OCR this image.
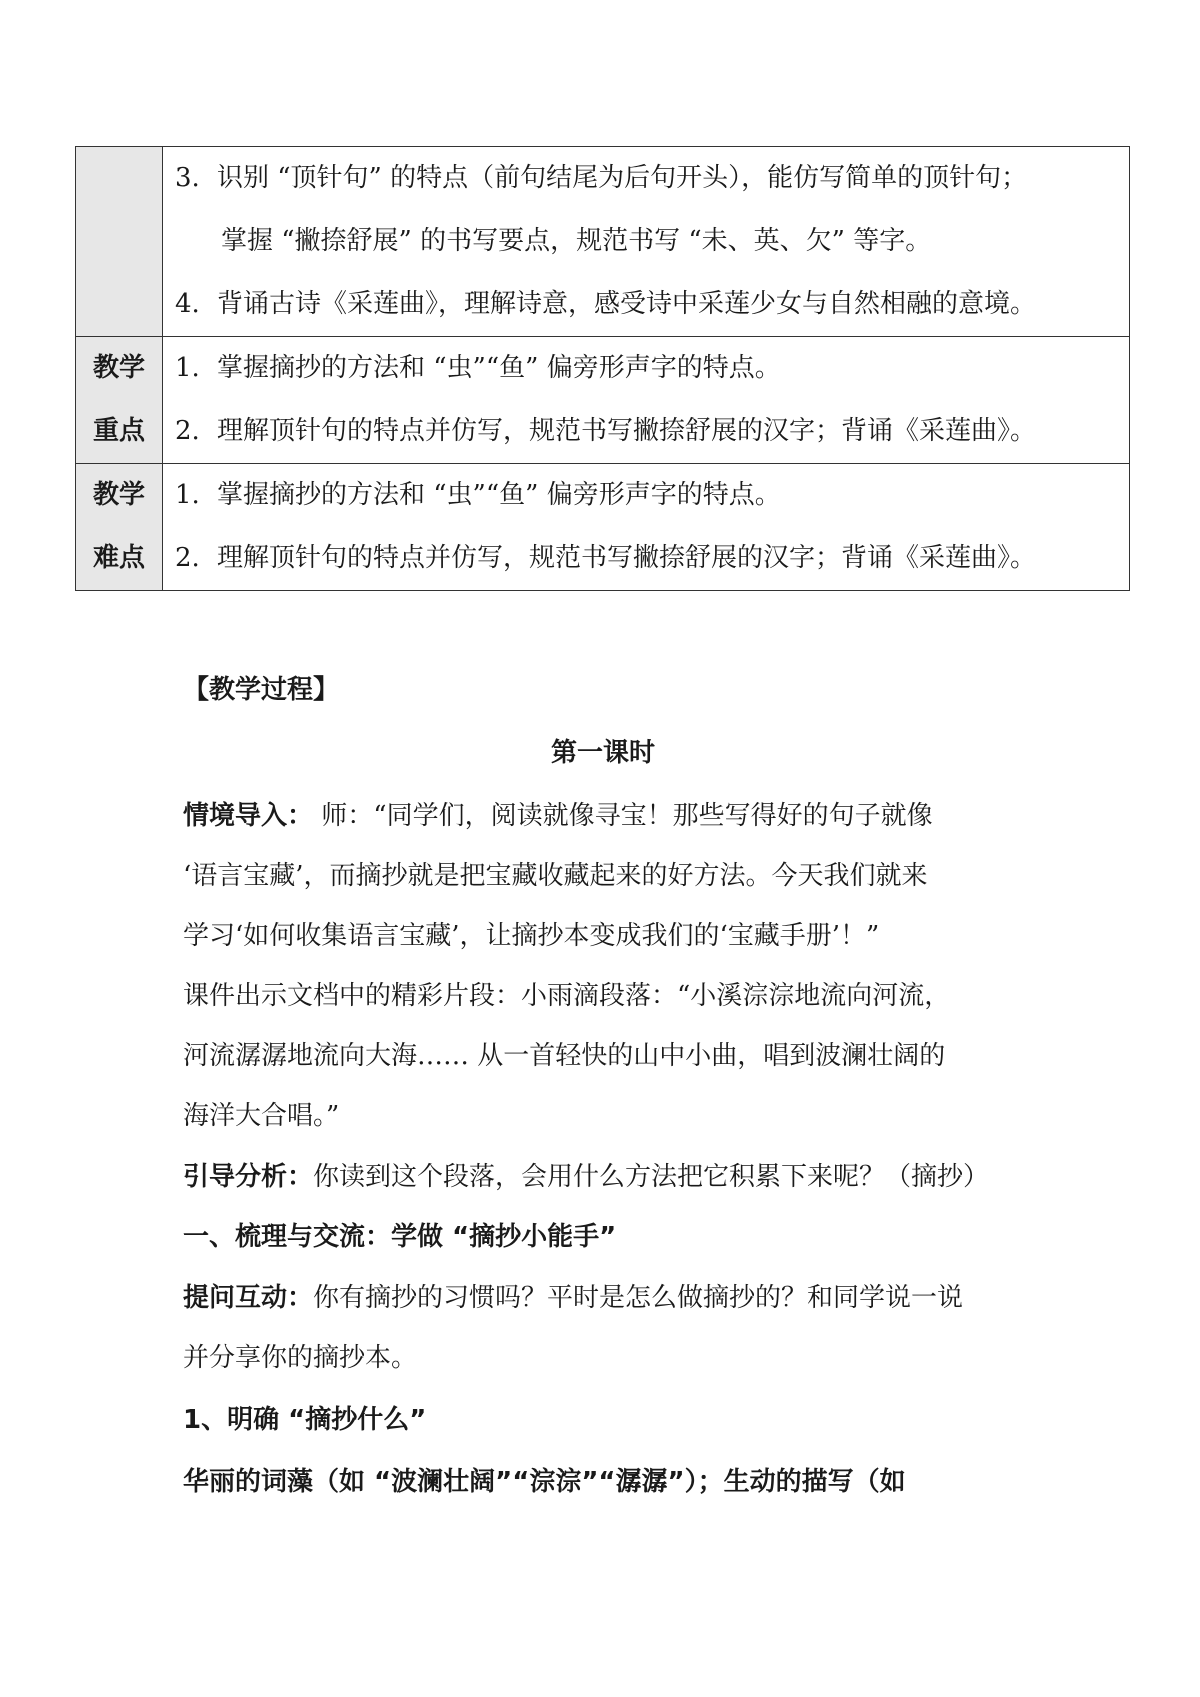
	3. 识别 “顶针句” 的特点（前句结尾为后句开头），能仿写简单的顶针句；
掌握 “撇捺舒展” 的书写要点，规范书写 “未、英、欠” 等字。
4. 背诵古诗《采莲曲》，理解诗意，感受诗中采莲少女与自然相融的意境。

教学
重点	1. 掌握摘抄的方法和 “虫”“鱼” 偏旁形声字的特点。
2. 理解顶针句的特点并仿写，规范书写撇捺舒展的汉字；背诵《采莲曲》。

教学
难点	1. 掌握摘抄的方法和 “虫”“鱼” 偏旁形声字的特点。
2. 理解顶针句的特点并仿写，规范书写撇捺舒展的汉字；背诵《采莲曲》。
【教学过程】
第一课时
情境导入： 师：“同学们，阅读就像寻宝！那些写得好的句子就像
‘语言宝藏’，而摘抄就是把宝藏收藏起来的好方法。今天我们就来
学习‘如何收集语言宝藏’，让摘抄本变成我们的‘宝藏手册’！”
课件出示文档中的精彩片段：小雨滴段落：“小溪淙淙地流向河流，
河流潺潺地流向大海…… 从一首轻快的山中小曲，唱到波澜壮阔的
海洋大合唱。”
引导分析：你读到这个段落，会用什么方法把它积累下来呢？（摘抄）
一、梳理与交流：学做 “摘抄小能手”
提问互动：你有摘抄的习惯吗？平时是怎么做摘抄的？和同学说一说
并分享你的摘抄本。
1、明确 “摘抄什么”
华丽的词藻（如 “波澜壮阔”“淙淙”“潺潺”）；生动的描写（如
